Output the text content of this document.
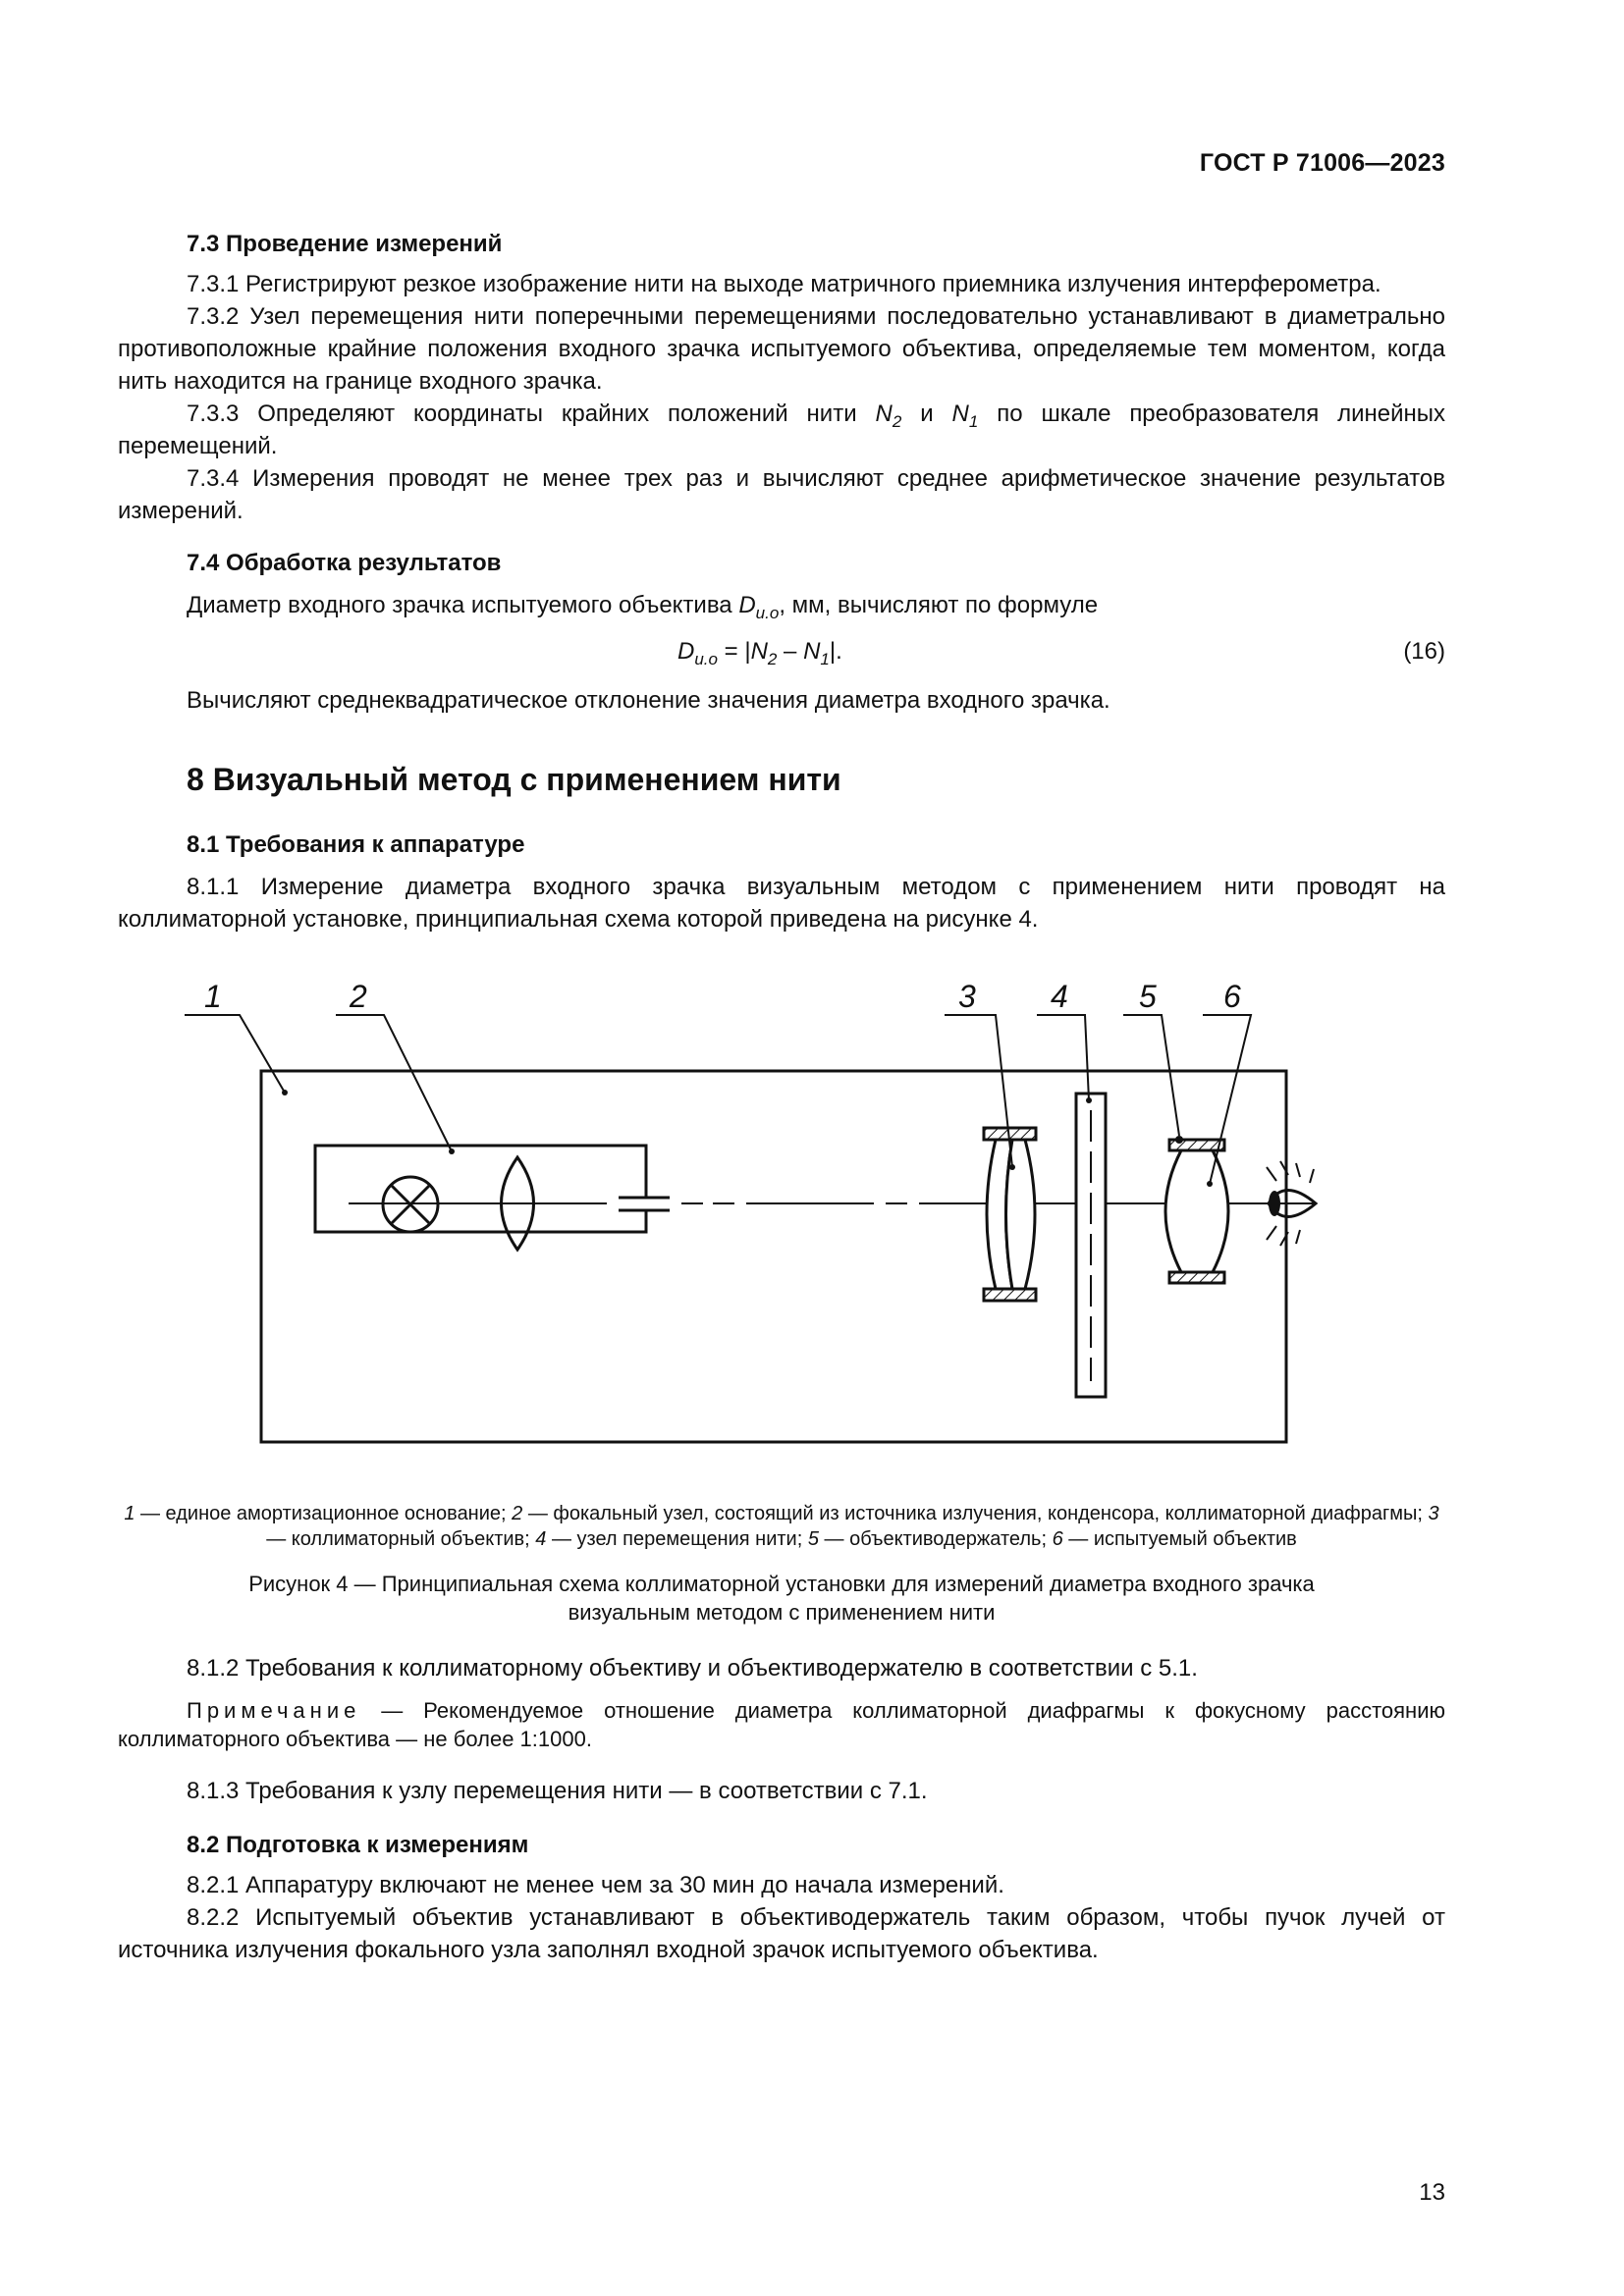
ГОСТ Р 71006—2023
7.3 Проведение измерений

7.3.1 Регистрируют резкое изображение нити на выходе матричного приемника излучения интерферометра.

7.3.2 Узел перемещения нити поперечными перемещениями последовательно устанавливают в диаметрально противоположные крайние положения входного зрачка испытуемого объектива, определяемые тем моментом, когда нить находится на границе входного зрачка.

7.3.3 Определяют координаты крайних положений нити $N_2$ и $N_1$ по шкале преобразователя линейных перемещений.

7.3.4 Измерения проводят не менее трех раз и вычисляют среднее арифметическое значение результатов измерений.

7.4 Обработка результатов

Диаметр входного зрачка испытуемого объектива $D_{и.о}$, мм, вычисляют по формуле

$D_{и.о} = |N_2 - N_1|$.	(16)

Вычисляют среднеквадратическое отклонение значения диаметра входного зрачка.

8 Визуальный метод с применением нити
8.1 Требования к аппаратуре

8.1.1 Измерение диаметра входного зрачка визуальным методом с применением нити проводят на коллиматорной установке, принципиальная схема которой приведена на рисунке 4.

1	2	3 4 5 6

1 — единое амортизационное основание; 2 — фокальный узел, состоящий из источника излучения, конденсора, коллиматорной диафрагмы; 3 — коллиматорный объектив; 4 — узел перемещения нити; 5 — объективодержатель; 6 — испытуемый объектив

Рисунок 4 — Принципиальная схема коллиматорной установки для измерений диаметра входного зрачка

визуальным методом с применением нити

8.1.2 Требования к коллиматорному объективу и объективодержателю в соответствии с 5.1.

Примечание — Рекомендуемое отношение диаметра коллиматорной диафрагмы к фокусному расстоянию коллиматорного объектива — не более 1:1000.

8.1.3 Требования к узлу перемещения нити — в соответствии с 7.1.

8.2 Подготовка к измерениям

8.2.1 Аппаратуру включают не менее чем за 30 мин до начала измерений.

8.2.2 Испытуемый объектив устанавливают в объективодержатель таким образом, чтобы пучок лучей от источника излучения фокального узла заполнял входной зрачок испытуемого объектива.

13
